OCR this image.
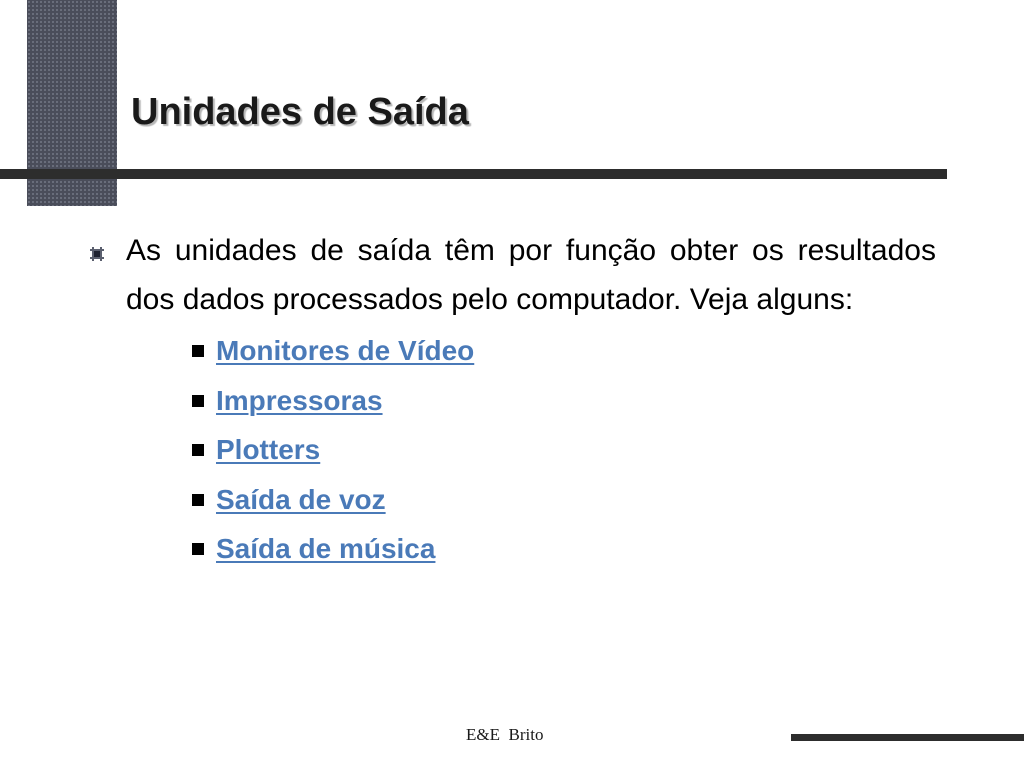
Unidades de Saída

As unidades de saída têm por função obter os resultados dos dados processados pelo computador. Veja alguns:

Monitores de Vídeo
Impressoras
Plotters
Saída de voz
Saída de música
E&E  Brito
